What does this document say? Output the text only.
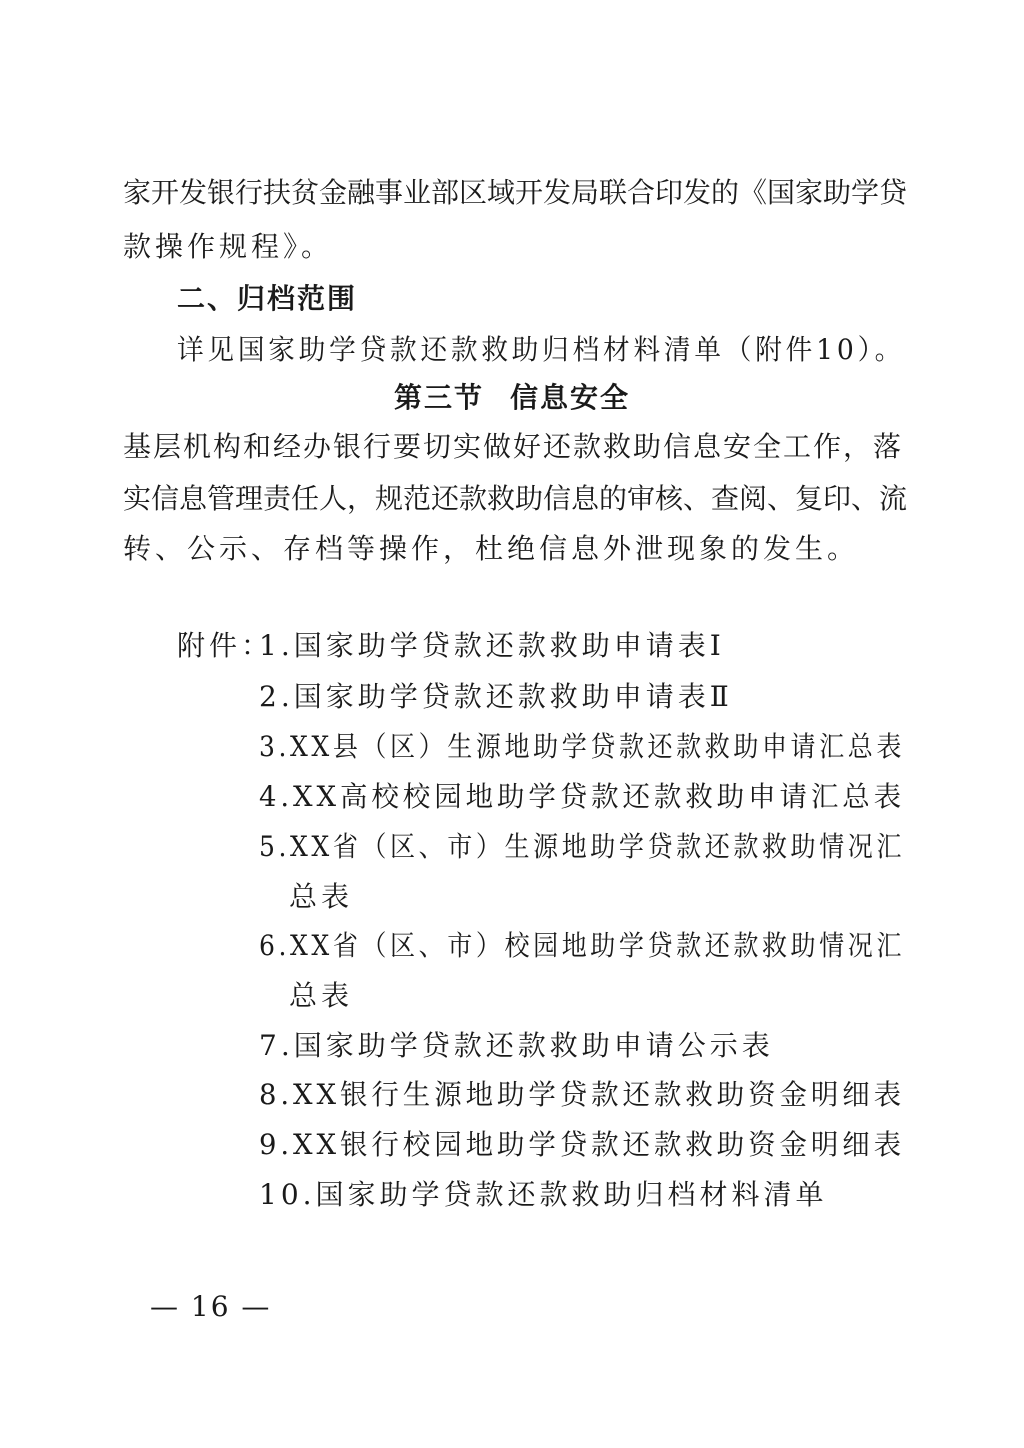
家开发银行扶贫金融事业部区域开发局联合印发的《国家助学贷
款操作规程》。
二、归档范围
详见国家助学贷款还款救助归档材料清单（附件10）。
第三节 信息安全
基层机构和经办银行要切实做好还款救助信息安全工作，落
实信息管理责任人，规范还款救助信息的审核、查阅、复印、流
转、公示、存档等操作，杜绝信息外泄现象的发生。
附件：
1.国家助学贷款还款救助申请表Ⅰ
2.国家助学贷款还款救助申请表Ⅱ
3.XX县（区）生源地助学贷款还款救助申请汇总表
4.XX高校校园地助学贷款还款救助申请汇总表
5.XX省（区、市）生源地助学贷款还款救助情况汇
总表
6.XX省（区、市）校园地助学贷款还款救助情况汇
总表
7.国家助学贷款还款救助申请公示表
8.XX银行生源地助学贷款还款救助资金明细表
9.XX银行校园地助学贷款还款救助资金明细表
10.国家助学贷款还款救助归档材料清单
— 16 —
